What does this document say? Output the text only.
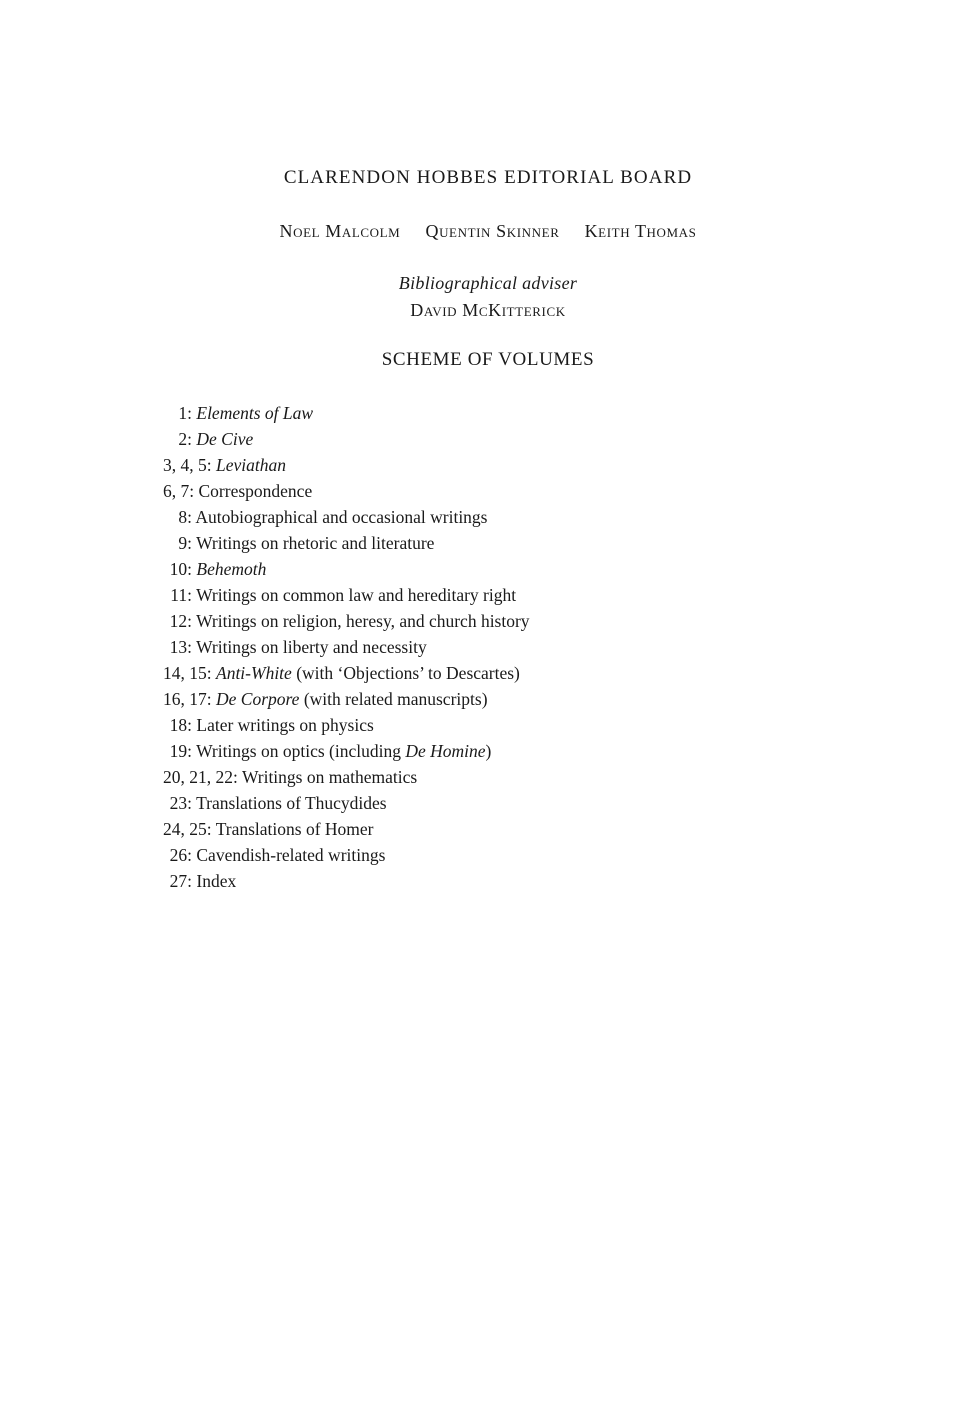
CLARENDON HOBBES EDITORIAL BOARD
Noel Malcolm Quentin Skinner Keith Thomas
Bibliographical adviser
David McKitterick
SCHEME OF VOLUMES
1: Elements of Law
2: De Cive
3, 4, 5: Leviathan
6, 7: Correspondence
8: Autobiographical and occasional writings
9: Writings on rhetoric and literature
10: Behemoth
11: Writings on common law and hereditary right
12: Writings on religion, heresy, and church history
13: Writings on liberty and necessity
14, 15: Anti-White (with ‘Objections’ to Descartes)
16, 17: De Corpore (with related manuscripts)
18: Later writings on physics
19: Writings on optics (including De Homine)
20, 21, 22: Writings on mathematics
23: Translations of Thucydides
24, 25: Translations of Homer
26: Cavendish-related writings
27: Index
